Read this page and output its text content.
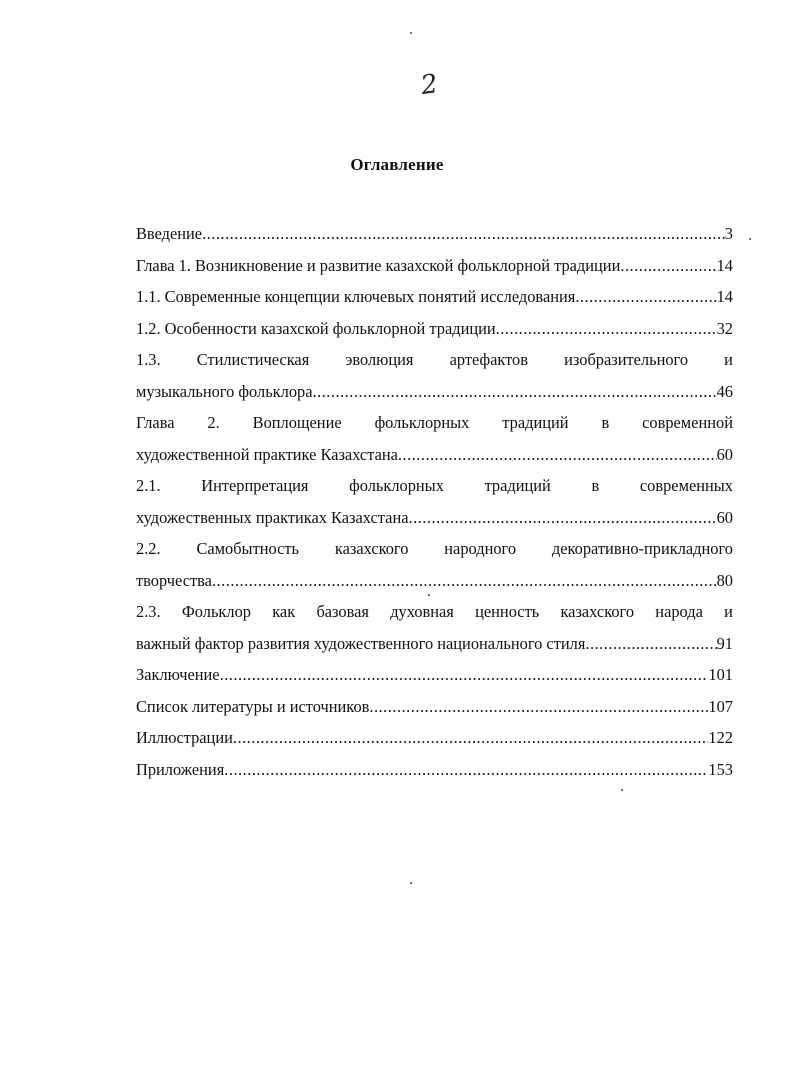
2
Оглавление
Введение .....	3
Глава 1. Возникновение и развитие казахской фольклорной традиции .....	14
1.1. Современные концепции ключевых понятий исследования .....	14
1.2. Особенности казахской фольклорной традиции .....	32
1.3. Стилистическая эволюция артефактов изобразительного и
музыкального фольклора .....	46
Глава 2. Воплощение фольклорных традиций в современной
художественной практике Казахстана .....	60
2.1. Интерпретация фольклорных традиций в современных
художественных практиках Казахстана .....	60
2.2. Самобытность казахского народного декоративно-прикладного
творчества .....	80
2.3. Фольклор как базовая духовная ценность казахского народа и
важный фактор развития художественного национального стиля .....	91
Заключение .....	101
Список литературы и источников .....	107
Иллюстрации .....	122
Приложения .....	153
